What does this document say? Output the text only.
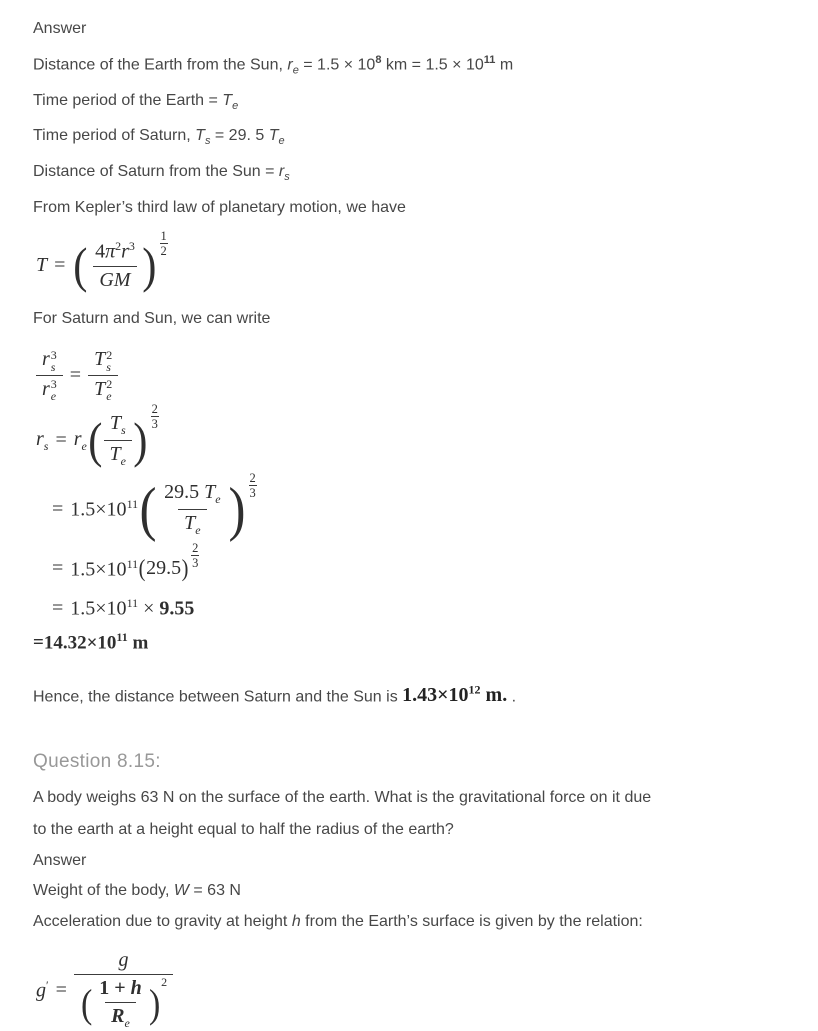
Answer
Distance of the Earth from the Sun, $r_e = 1.5 \times 10^8$ km = $1.5 \times 10^{11}$ m
Time period of the Earth = $T_e$
Time period of Saturn, $T_s = 29$. 5 $T_e$
Distance of Saturn from the Sun = $r_s$
From Kepler’s third law of planetary motion, we have
T = ( $\frac{4\pi^2r^3}{GM}$ )
1
2
For Saturn and Sun, we can write
r 3
s
r 3
e = T 2
s
T 2
e
$r_s = r_e$ ( $\frac{T_s}{T_e}$ )
2
3
= $1.5\times 10^{11}$ ( $\frac{29.5 T_e}{T_e}$ ) 2
3
= $1.5\times 10^{11}$ ( 29.5 )
2
3
= $1.5\times 10^{11} \times 9.55$
= $14.32\times 10^{11}$ m
Hence, the distance between Saturn and the Sun is $1.43\times 10^{12}$ m. .
Question 8.15:
A body weighs 63 N on the surface of the earth. What is the gravitational force on it due
to the earth at a height equal to half the radius of the earth?
Answer
Weight of the body, W = 63 N
Acceleration due to gravity at height h from the Earth’s surface is given by the relation:
g′ =
g
( $\frac{1 + h}{R_e}$ ) 2
